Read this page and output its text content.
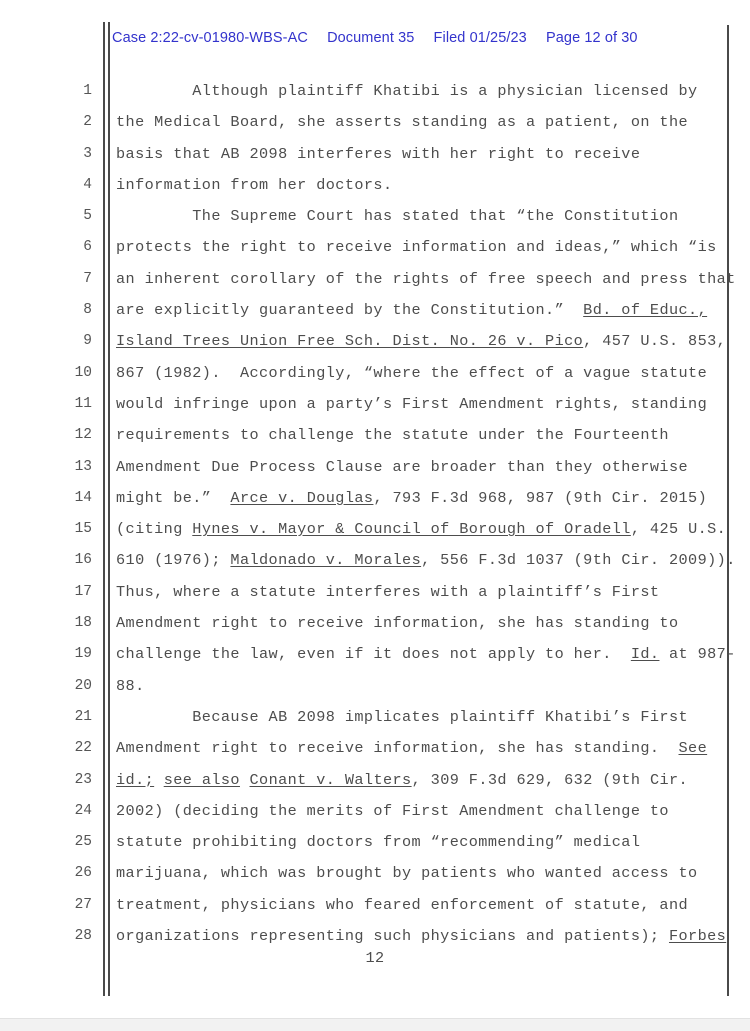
Case 2:22-cv-01980-WBS-AC Document 35 Filed 01/25/23 Page 12 of 30
1 Although plaintiff Khatibi is a physician licensed by
2 the Medical Board, she asserts standing as a patient, on the
3 basis that AB 2098 interferes with her right to receive
4 information from her doctors.
5 The Supreme Court has stated that “the Constitution
6 protects the right to receive information and ideas,” which “is
7 an inherent corollary of the rights of free speech and press that
8 are explicitly guaranteed by the Constitution.”  Bd. of Educ.,
9 Island Trees Union Free Sch. Dist. No. 26 v. Pico, 457 U.S. 853,
10 867 (1982).  Accordingly, “where the effect of a vague statute
11 would infringe upon a party’s First Amendment rights, standing
12 requirements to challenge the statute under the Fourteenth
13 Amendment Due Process Clause are broader than they otherwise
14 might be.”  Arce v. Douglas, 793 F.3d 968, 987 (9th Cir. 2015)
15 (citing Hynes v. Mayor & Council of Borough of Oradell, 425 U.S.
16 610 (1976); Maldonado v. Morales, 556 F.3d 1037 (9th Cir. 2009)).
17 Thus, where a statute interferes with a plaintiff’s First
18 Amendment right to receive information, she has standing to
19 challenge the law, even if it does not apply to her.  Id. at 987-
20 88.
21 Because AB 2098 implicates plaintiff Khatibi’s First
22 Amendment right to receive information, she has standing.  See
23 id.; see also Conant v. Walters, 309 F.3d 629, 632 (9th Cir.
24 2002) (deciding the merits of First Amendment challenge to
25 statute prohibiting doctors from “recommending” medical
26 marijuana, which was brought by patients who wanted access to
27 treatment, physicians who feared enforcement of statute, and
28 organizations representing such physicians and patients); Forbes
12
